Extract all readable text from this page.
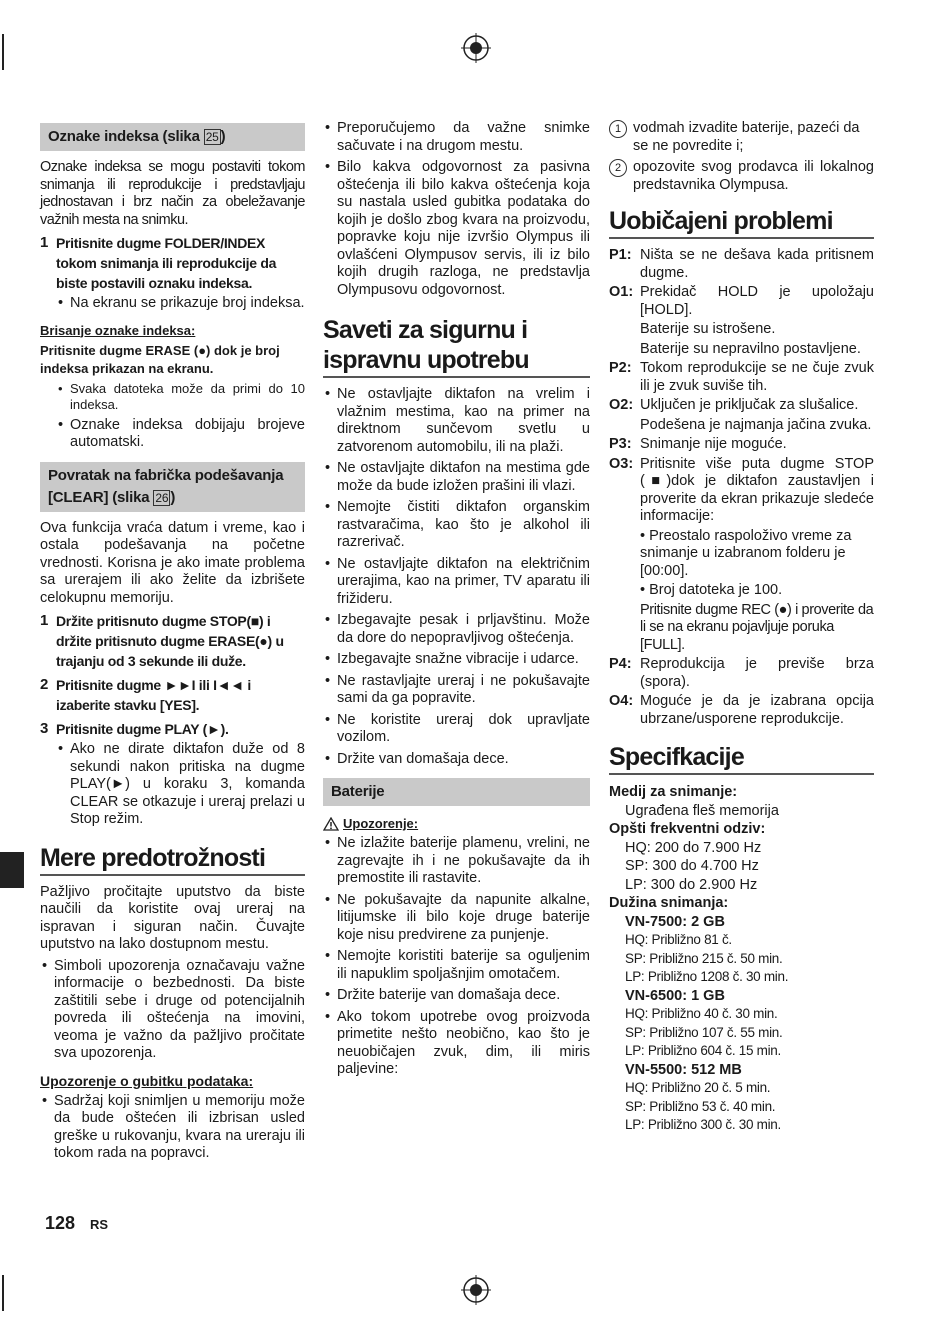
Oznake indeksa (slika 25 )

Oznake indeksa se mogu postaviti tokom snimanja ili reprodukcije i predstavljaju jednostavan i brz način za obeležavanje važnih mesta na snimku.

1 Pritisnite dugme FOLDER/INDEX tokom snimanja ili reprodukcije da biste postavili oznaku indeksa.
• Na ekranu se prikazuje broj indeksa.
Brisanje oznake indeksa:
Pritisnite dugme ERASE (●) dok je broj indeksa prikazan na ekranu.
• Svaka datoteka može da primi do 10 indeksa.
• Oznake indeksa dobijaju brojeve automatski.
Povratak na fabrička podešavanja [CLEAR] (slika 26 )

Ova funkcija vraća datum i vreme, kao i ostala podešavanja na početne vrednosti. Korisna je ako imate problema sa urerajem ili ako želite da izbrišete celokupnu memoriju.

1 Držite pritisnuto dugme STOP(■) i držite pritisnuto dugme ERASE(●) u trajanju od 3 sekunde ili duže.
2 Pritisnite dugme ►►I ili I◄◄ i izaberite stavku [YES].
3 Pritisnite dugme PLAY (►).
• Ako ne dirate diktafon duže od 8 sekundi nakon pritiska na dugme PLAY(►) u koraku 3, komanda CLEAR se otkazuje i ureraj prelazi u Stop režim.
Mere predotrožnosti

Pažljivo pročitajte uputstvo da biste naučili da koristite ovaj ureraj na ispravan i siguran način. Čuvajte uputstvo na lako dostupnom mestu.

• Simboli upozorenja označavaju važne informacije o bezbednosti. Da biste zaštitili sebe i druge od potencijalnih povreda ili oštećenja na imovini, veoma je važno da pažljivo pročitate sva upozorenja.
Upozorenje o gubitku podataka:
• Sadržaj koji snimljen u memoriju može da bude oštećen ili izbrisan usled greške u rukovanju, kvara na ureraju ili tokom rada na popravci.
• Preporučujemo da važne snimke sačuvate i na drugom mestu.
• Bilo kakva odgovornost za pasivna oštećenja ili bilo kakva oštećenja koja su nastala usled gubitka podataka do kojih je došlo zbog kvara na proizvodu, popravke koju nije izvršio Olympus ili ovlašćeni Olympusov servis, ili iz bilo kojih drugih razloga, ne predstavlja Olympusovu odgovornost.
Saveti za sigurnu i
ispravnu upotrebu
• Ne ostavljajte diktafon na vrelim i vlažnim mestima, kao na primer na direktnom sunčevom svetlu u zatvorenom automobilu, ili na plaži.
• Ne ostavljajte diktafon na mestima gde može da bude izložen prašini ili vlazi.
• Nemojte čistiti diktafon organskim rastvaračima, kao što je alkohol ili razrerivač.
• Ne ostavljajte diktafon na električnim urerajima, kao na primer, TV aparatu ili frižideru.
• Izbegavajte pesak i prljavštinu. Može da dore do nepopravljivog oštećenja.
• Izbegavajte snažne vibracije i udarce.
• Ne rastavljajte ureraj i ne pokušavajte sami da ga popravite.
• Ne koristite ureraj dok upravljate vozilom.
• Držite van domašaja dece.
Baterije
Upozorenje:
• Ne izlažite baterije plamenu, vrelini, ne zagrevajte ih i ne pokušavajte da ih premostite ili rastavite.
• Ne pokušavajte da napunite alkalne, litijumske ili bilo koje druge baterije koje nisu predvirene za punjenje.
• Nemojte koristiti baterije sa oguljenim ili napuklim spoljašnjim omotačem.
• Držite baterije van domašaja dece.
• Ako tokom upotrebe ovog proizvoda primetite nešto neobično, kao što je neuobičajen zvuk, dim, ili miris paljevine:
1 vodmah izvadite baterije, pazeći da se ne povredite i;
2 opozovite svog prodavca ili lokalnog predstavnika Olympusa.
Uobičajeni problemi
P1: Ništa se ne dešava kada pritisnem dugme.
O1: Prekidač HOLD je upoložaju [HOLD].
Baterije su istrošene.
Baterije su nepravilno postavljene.
P2: Tokom reprodukcije se ne čuje zvuk ili je zvuk suviše tih.
O2: Uključen je priključak za slušalice.
Podešena je najmanja jačina zvuka.
P3: Snimanje nije moguće.
O3: Pritisnite više puta dugme STOP (■)dok je diktafon zaustavljen i proverite da ekran prikazuje sledeće informacije:
• Preostalo raspoloživo vreme za snimanje u izabranom folderu je [00:00].
• Broj datoteka je 100.
Pritisnite dugme REC (●) i proverite da li se na ekranu pojavljuje poruka [FULL].
P4: Reprodukcija je previše brza (spora).
O4: Moguće je da je izabrana opcija ubrzane/usporene reprodukcije.
Specifkacije
Medij za snimanje:
Ugrađena fleš memorija
Opšti frekventni odziv:
HQ: 200 do 7.900 Hz
SP: 300 do 4.700 Hz
LP: 300 do 2.900 Hz
Dužina snimanja:
VN-7500: 2 GB
HQ: Približno 81 č.
SP: Približno 215 č. 50 min.
LP: Približno 1208 č. 30 min.
VN-6500: 1 GB
HQ: Približno 40 č. 30 min.
SP: Približno 107 č. 55 min.
LP: Približno 604 č. 15 min.
VN-5500: 512 MB
HQ: Približno 20 č. 5 min.
SP: Približno 53 č. 40 min.
LP: Približno 300 č. 30 min.
128 RS
